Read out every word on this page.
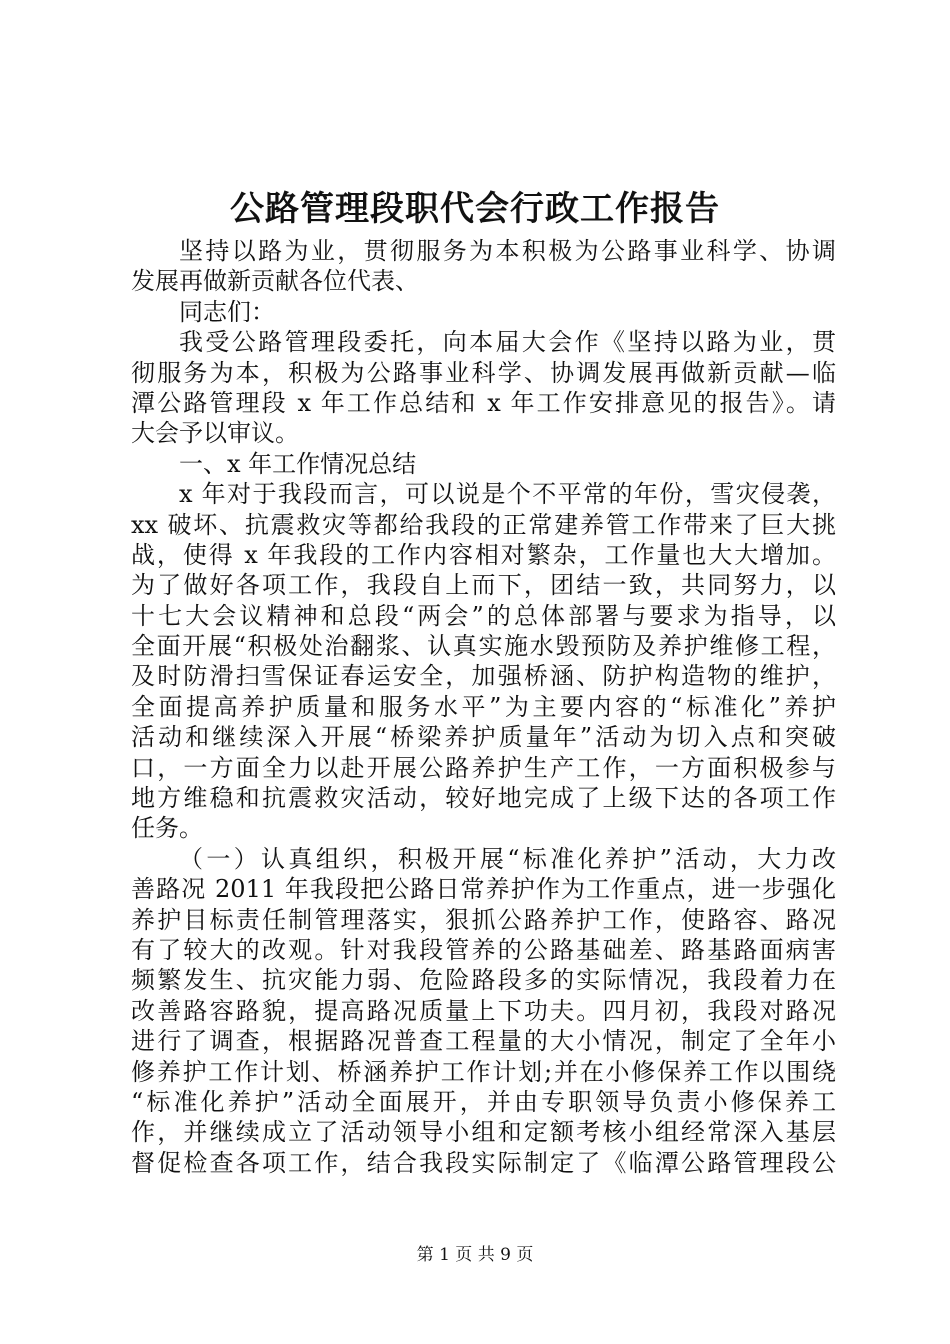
公路管理段职代会行政工作报告
坚持以路为业，贯彻服务为本积极为公路事业科学、协调
发展再做新贡献各位代表、
同志们：
我受公路管理段委托，向本届大会作《坚持以路为业，贯
彻服务为本，积极为公路事业科学、协调发展再做新贡献—临
潭公路管理段 x 年工作总结和 x 年工作安排意见的报告》。请
大会予以审议。
一、x 年工作情况总结
x 年对于我段而言，可以说是个不平常的年份，雪灾侵袭，
xx 破坏、抗震救灾等都给我段的正常建养管工作带来了巨大挑
战，使得 x 年我段的工作内容相对繁杂，工作量也大大增加。
为了做好各项工作，我段自上而下，团结一致，共同努力，以
十七大会议精神和总段“两会”的总体部署与要求为指导，以
全面开展“积极处治翻浆、认真实施水毁预防及养护维修工程，
及时防滑扫雪保证春运安全，加强桥涵、防护构造物的维护，
全面提高养护质量和服务水平”为主要内容的“标准化”养护
活动和继续深入开展“桥梁养护质量年”活动为切入点和突破
口，一方面全力以赴开展公路养护生产工作，一方面积极参与
地方维稳和抗震救灾活动，较好地完成了上级下达的各项工作
任务。
（一）认真组织，积极开展“标准化养护”活动，大力改
善路况 2011 年我段把公路日常养护作为工作重点，进一步强化
养护目标责任制管理落实，狠抓公路养护工作，使路容、路况
有了较大的改观。针对我段管养的公路基础差、路基路面病害
频繁发生、抗灾能力弱、危险路段多的实际情况，我段着力在
改善路容路貌，提高路况质量上下功夫。四月初，我段对路况
进行了调查，根据路况普查工程量的大小情况，制定了全年小
修养护工作计划、桥涵养护工作计划;并在小修保养工作以围绕
“标准化养护”活动全面展开，并由专职领导负责小修保养工
作，并继续成立了活动领导小组和定额考核小组经常深入基层
督促检查各项工作，结合我段实际制定了《临潭公路管理段公
第 1 页 共 9 页
